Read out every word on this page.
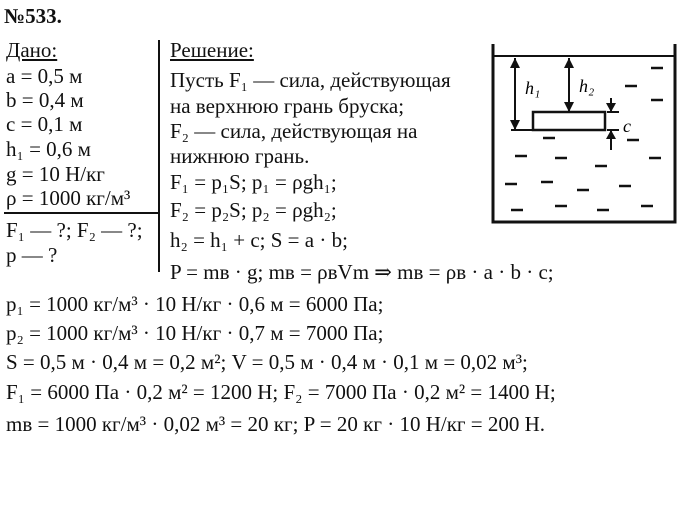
№533.
Дано:
a = 0,5 м
b = 0,4 м
c = 0,1 м
h₁ = 0,6 м
g = 10 Н/кг
ρ = 1000 кг/м³
F₁ — ?; F₂ — ?;
p — ?
Решение:
Пусть F₁ — сила, действующая
на верхнюю грань бруска;
F₂ — сила, действующая на
нижнюю грань.
F₁ = p₁S; p₁ = ρgh₁;
F₂ = p₂S; p₂ = ρgh₂;
h₂ = h₁ + c; S = a · b;
P = mв · g; mв = ρвVm ⇒ mв = ρв · a · b · c;
p₁ = 1000 кг/м³ · 10 Н/кг · 0,6 м = 6000 Па;
p₂ = 1000 кг/м³ · 10 Н/кг · 0,7 м = 7000 Па;
S = 0,5 м · 0,4 м = 0,2 м²; V = 0,5 м · 0,4 м · 0,1 м = 0,02 м³;
F₁ = 6000 Па · 0,2 м² = 1200 Н; F₂ = 7000 Па · 0,2 м² = 1400 Н;
mв = 1000 кг/м³ · 0,02 м³ = 20 кг; P = 20 кг · 10 Н/кг = 200 Н.
h₁ h₂
c
